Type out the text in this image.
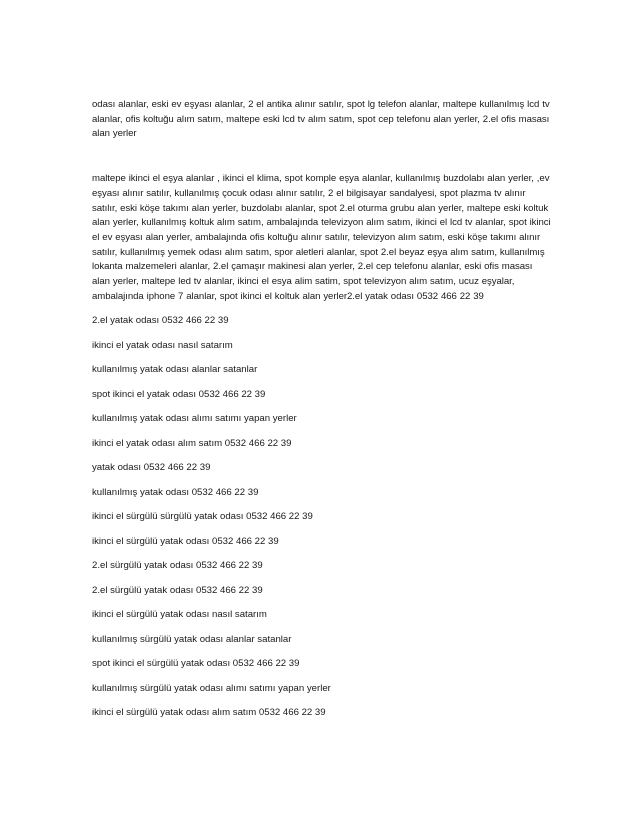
odası alanlar, eski ev eşyası alanlar, 2 el antika alınır satılır, spot lg telefon alanlar, maltepe kullanılmış lcd tv alanlar, ofis koltuğu alım satım, maltepe eski lcd tv alım satım, spot cep telefonu alan yerler, 2.el ofis masası alan yerler

maltepe ikinci el eşya alanlar , ikinci el klima, spot komple eşya alanlar, kullanılmış buzdolabı alan yerler, ,ev eşyası alınır satılır, kullanılmış çocuk odası alınır satılır, 2 el bilgisayar sandalyesi, spot plazma tv alınır satılır, eski köşe takımı alan yerler, buzdolabı alanlar, spot 2.el oturma grubu alan yerler, maltepe eski koltuk alan yerler, kullanılmış koltuk alım satım, ambalajında televizyon alım satım, ikinci el lcd tv alanlar, spot ikinci el ev eşyası alan yerler, ambalajında ofis koltuğu alınır satılır, televizyon alım satım, eski köşe takımı alınır satılır, kullanılmış yemek odası alım satım, spor aletleri alanlar, spot 2.el beyaz eşya alım satım, kullanılmış lokanta malzemeleri alanlar, 2.el çamaşır makinesi alan yerler, 2.el cep telefonu alanlar, eski ofis masası alan yerler, maltepe led tv alanlar, ikinci el esya alim satim, spot televizyon alım satım, ucuz eşyalar, ambalajında iphone 7 alanlar, spot ikinci el koltuk alan yerler2.el yatak odası 0532 466 22 39

2.el yatak odası 0532 466 22 39
ikinci el yatak odası nasıl satarım
kullanılmış yatak odası alanlar satanlar
spot ikinci el yatak odası 0532 466 22 39
kullanılmış yatak odası alımı satımı yapan yerler
ikinci el yatak odası alım satım 0532 466 22 39
yatak odası 0532 466 22 39
kullanılmış yatak odası 0532 466 22 39
ikinci el sürgülü sürgülü yatak odası 0532 466 22 39
ikinci el sürgülü yatak odası 0532 466 22 39
2.el sürgülü yatak odası 0532 466 22 39
2.el sürgülü yatak odası 0532 466 22 39
ikinci el sürgülü yatak odası nasıl satarım
kullanılmış sürgülü yatak odası alanlar satanlar
spot ikinci el sürgülü yatak odası 0532 466 22 39
kullanılmış sürgülü yatak odası alımı satımı yapan yerler
ikinci el sürgülü yatak odası alım satım 0532 466 22 39
